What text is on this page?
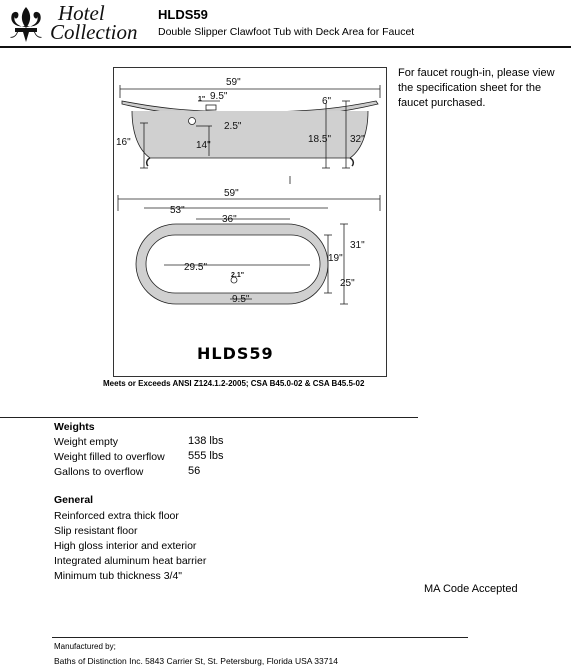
Hotel
Collection
HLDS59
Double Slipper Clawfoot Tub with Deck Area for Faucet
59"
9.5"
1"	6"
2.5"
16"	14"
18.5" 32"
59"
53"
36"
29.5"
2.1"
9.5"
31"
19"
25"
HLDS59
For faucet rough-in, please view the specification sheet for the faucet purchased.
Meets or Exceeds ANSI Z124.1.2-2005; CSA B45.0-02 & CSA B45.5-02
Weights
Weight empty	138 lbs
Weight filled to overflow 555 lbs
Gallons to overflow	56
General
Reinforced extra thick floor
Slip resistant floor
High gloss interior and exterior
Integrated aluminum heat barrier
Minimum tub thickness 3/4"
MA Code Accepted
Manufactured by;
Baths of Distinction Inc. 5843 Carrier St, St. Petersburg, Florida USA 33714
